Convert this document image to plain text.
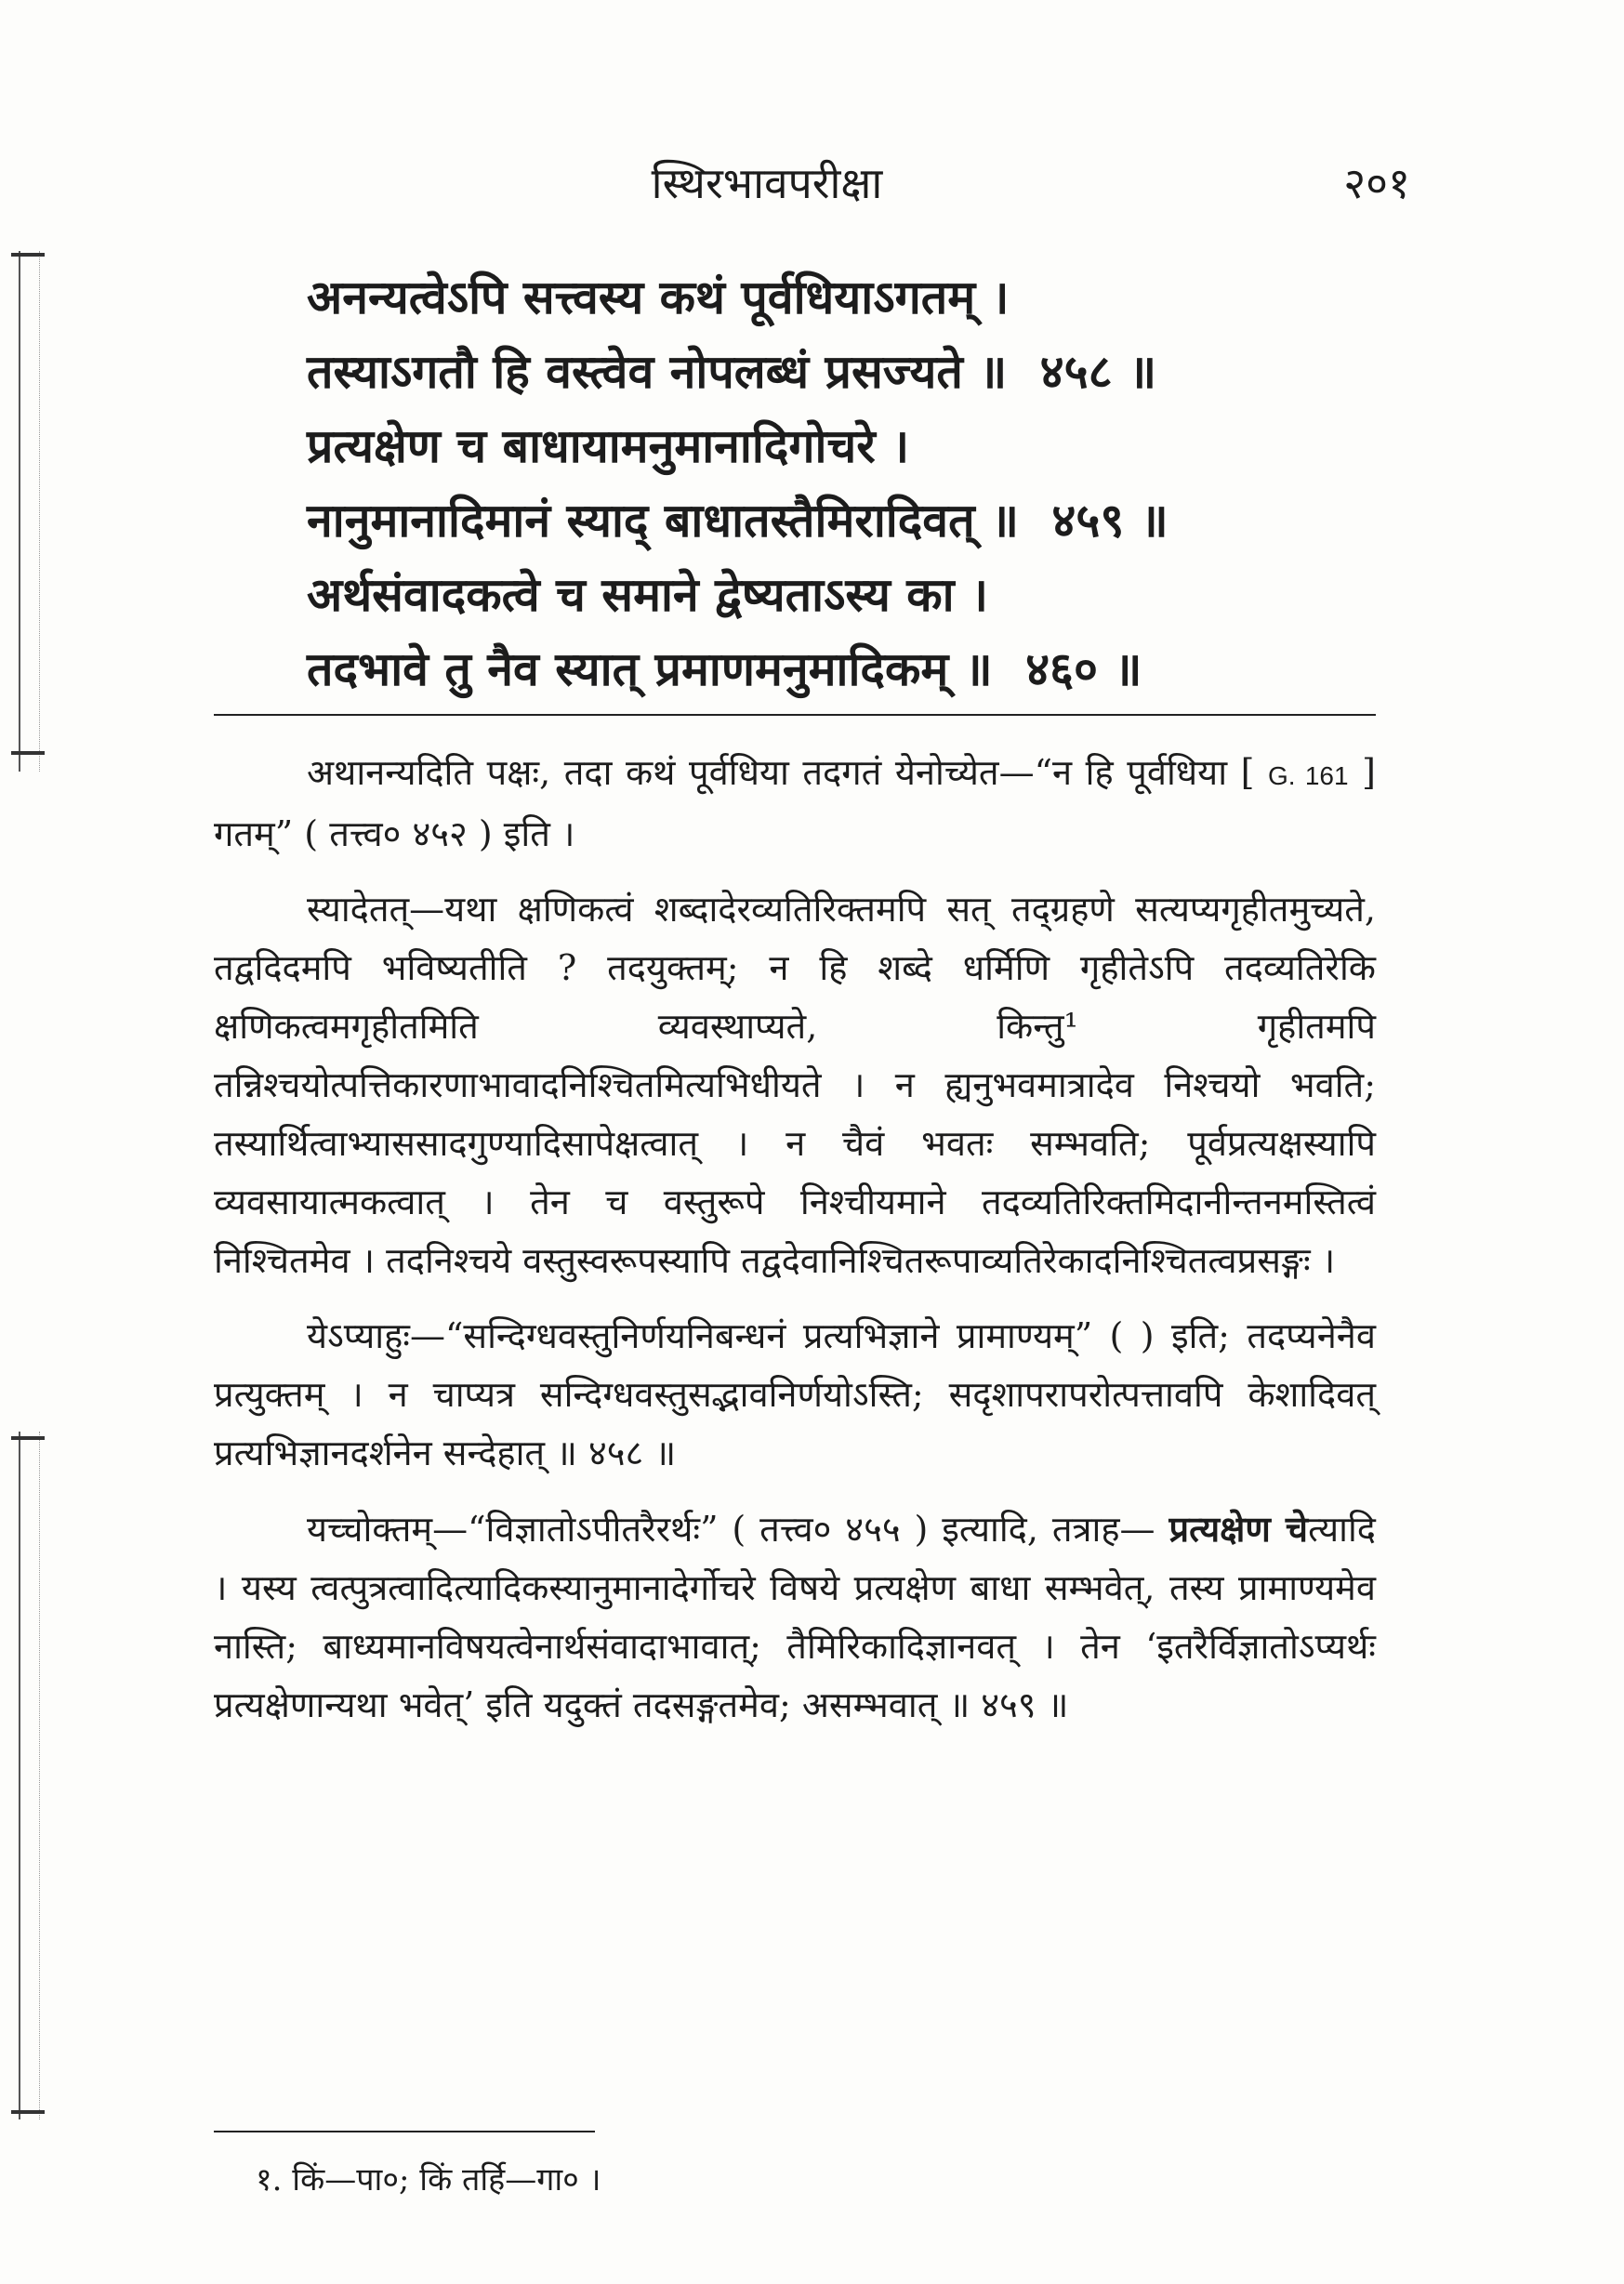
स्थिरभावपरीक्षा	२०१
अनन्यत्वेऽपि सत्त्वस्य कथं पूर्वधियाऽगतम् ।
तस्याऽगतौ हि वस्त्वेव नोपलब्धं प्रसज्यते ॥ ४५८ ॥
प्रत्यक्षेण च बाधायामनुमानादिगोचरे ।
नानुमानादिमानं स्याद् बाधातस्तैमिरादिवत् ॥ ४५९ ॥
अर्थसंवादकत्वे च समाने द्वेष्यताऽस्य का ।
तदभावे तु नैव स्यात् प्रमाणमनुमादिकम् ॥ ४६० ॥

अथानन्यदिति पक्षः, तदा कथं पूर्वधिया तदगतं येनोच्येत—“न हि पूर्वधिया [ G. 161 ] गतम्” ( तत्त्व० ४५२ ) इति ।

स्यादेतत्—यथा क्षणिकत्वं शब्दादेरव्यतिरिक्तमपि सत् तद्ग्रहणे सत्यप्यगृहीतमुच्यते, तद्वदिदमपि भविष्यतीति ? तदयुक्तम्; न हि शब्दे धर्मिणि गृहीतेऽपि तदव्यतिरेकि क्षणिकत्वमगृहीतमिति व्यवस्थाप्यते, किन्तु¹ गृहीतमपि तन्निश्चयोत्पत्तिकारणाभावादनिश्चितमित्यभिधीयते । न ह्यनुभवमात्रादेव निश्चयो भवति; तस्यार्थित्वाभ्याससादगुण्यादिसापेक्षत्वात् । न चैवं भवतः सम्भवति; पूर्वप्रत्यक्षस्यापि व्यवसायात्मकत्वात् । तेन च वस्तुरूपे निश्चीयमाने तदव्यतिरिक्तमिदानीन्तनमस्तित्वं निश्चितमेव । तदनिश्चये वस्तुस्वरूपस्यापि तद्वदेवानिश्चितरूपाव्यतिरेकादनिश्चितत्वप्रसङ्गः ।

येऽप्याहुः—“सन्दिग्धवस्तुनिर्णयनिबन्धनं प्रत्यभिज्ञाने प्रामाण्यम्” ( ) इति; तदप्यनेनैव प्रत्युक्तम् । न चाप्यत्र सन्दिग्धवस्तुसद्भावनिर्णयोऽस्ति; सदृशापरापरोत्पत्तावपि केशादिवत् प्रत्यभिज्ञानदर्शनेन सन्देहात् ॥ ४५८ ॥

यच्चोक्तम्—“विज्ञातोऽपीतरैरर्थः” ( तत्त्व० ४५५ ) इत्यादि, तत्राह— प्रत्यक्षेण चेत्यादि । यस्य त्वत्पुत्रत्वादित्यादिकस्यानुमानादेर्गोचरे विषये प्रत्यक्षेण बाधा सम्भवेत्, तस्य प्रामाण्यमेव नास्ति; बाध्यमानविषयत्वेनार्थसंवादाभावात्; तैमिरिकादिज्ञानवत् । तेन ‘इतरैर्विज्ञातोऽप्यर्थः प्रत्यक्षेणान्यथा भवेत्’ इति यदुक्तं तदसङ्गतमेव; असम्भवात् ॥ ४५९ ॥

१. किं—पा०; किं तर्हि—गा० ।
